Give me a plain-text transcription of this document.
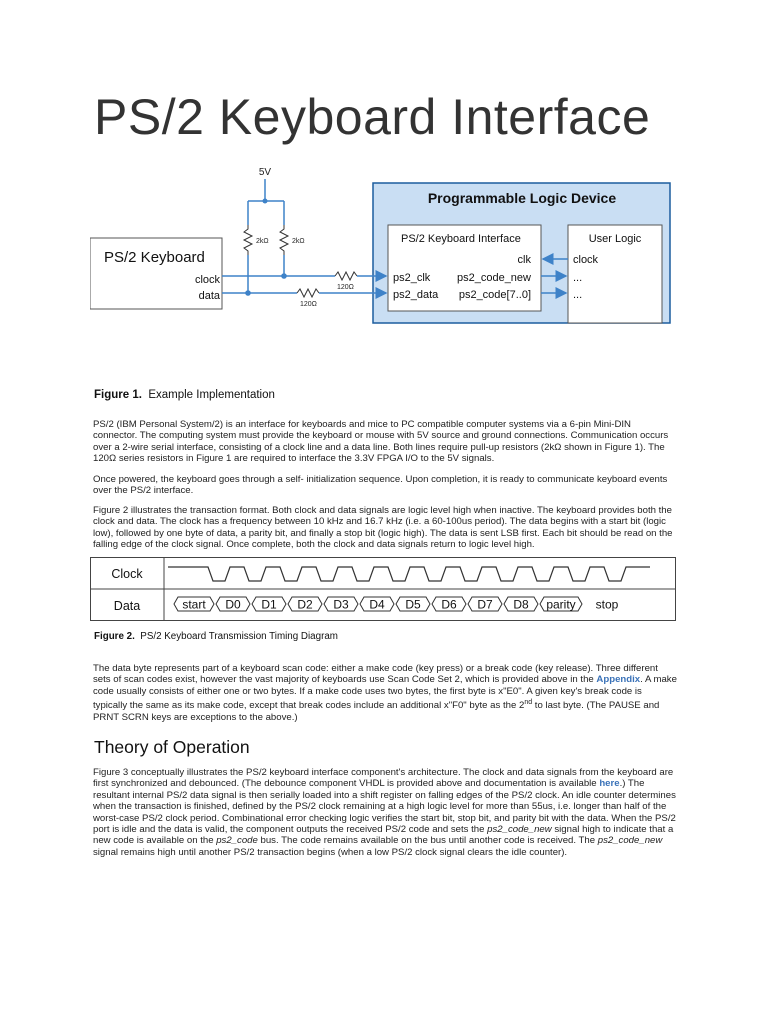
PS/2 Keyboard Interface
Programmable Logic Device
PS/2 Keyboard Interface
clk
ps2_clk ps2_code_new
ps2_data ps2_code[7..0]
User Logic
clock
...
...
PS/2 Keyboard
clock
data
5V
2kΩ	2kΩ
120Ω
120Ω
Figure 1. Example Implementation
PS/2 (IBM Personal System/2) is an interface for keyboards and mice to PC compatible computer systems via a 6-pin Mini-DIN connector. The computing system must provide the keyboard or mouse with 5V source and ground connections. Communication occurs over a 2-wire serial interface, consisting of a clock line and a data line. Both lines require pull-up resistors (2kΩ shown in Figure 1). The 120Ω series resistors in Figure 1 are required to interface the 3.3V FPGA I/O to the 5V signals.
Once powered, the keyboard goes through a self- initialization sequence. Upon completion, it is ready to communicate keyboard events over the PS/2 interface.
Figure 2 illustrates the transaction format. Both clock and data signals are logic level high when inactive. The keyboard provides both the clock and data. The clock has a frequency between 10 kHz and 16.7 kHz (i.e. a 60-100us period). The data begins with a start bit (logic low), followed by one byte of data, a parity bit, and finally a stop bit (logic high). The data is sent LSB first. Each bit should be read on the falling edge of the clock signal. Once complete, both the clock and data signals return to logic level high.
Clock
Data	start D0 D1 D2 D3 D4 D5 D6 D7 D8 parity stop
Figure 2. PS/2 Keyboard Transmission Timing Diagram
The data byte represents part of a keyboard scan code: either a make code (key press) or a break code (key release). Three different sets of scan codes exist, however the vast majority of keyboards use Scan Code Set 2, which is provided above in the Appendix. A make code usually consists of either one or two bytes. If a make code uses two bytes, the first byte is x"E0". A given key's break code is typically the same as its make code, except that break codes include an additional x"F0" byte as the 2nd to last byte. (The PAUSE and PRNT SCRN keys are exceptions to the above.)
Theory of Operation
Figure 3 conceptually illustrates the PS/2 keyboard interface component's architecture. The clock and data signals from the keyboard are first synchronized and debounced. (The debounce component VHDL is provided above and documentation is available here.) The resultant internal PS/2 data signal is then serially loaded into a shift register on falling edges of the PS/2 clock. An idle counter determines when the transaction is finished, defined by the PS/2 clock remaining at a high logic level for more than 55us, i.e. longer than half of the worst-case PS/2 clock period. Combinational error checking logic verifies the start bit, stop bit, and parity bit with the data. When the PS/2 port is idle and the data is valid, the component outputs the received PS/2 code and sets the ps2_code_new signal high to indicate that a new code is available on the ps2_code bus. The code remains available on the bus until another code is received. The ps2_code_new signal remains high until another PS/2 transaction begins (when a low PS/2 clock signal clears the idle counter).
